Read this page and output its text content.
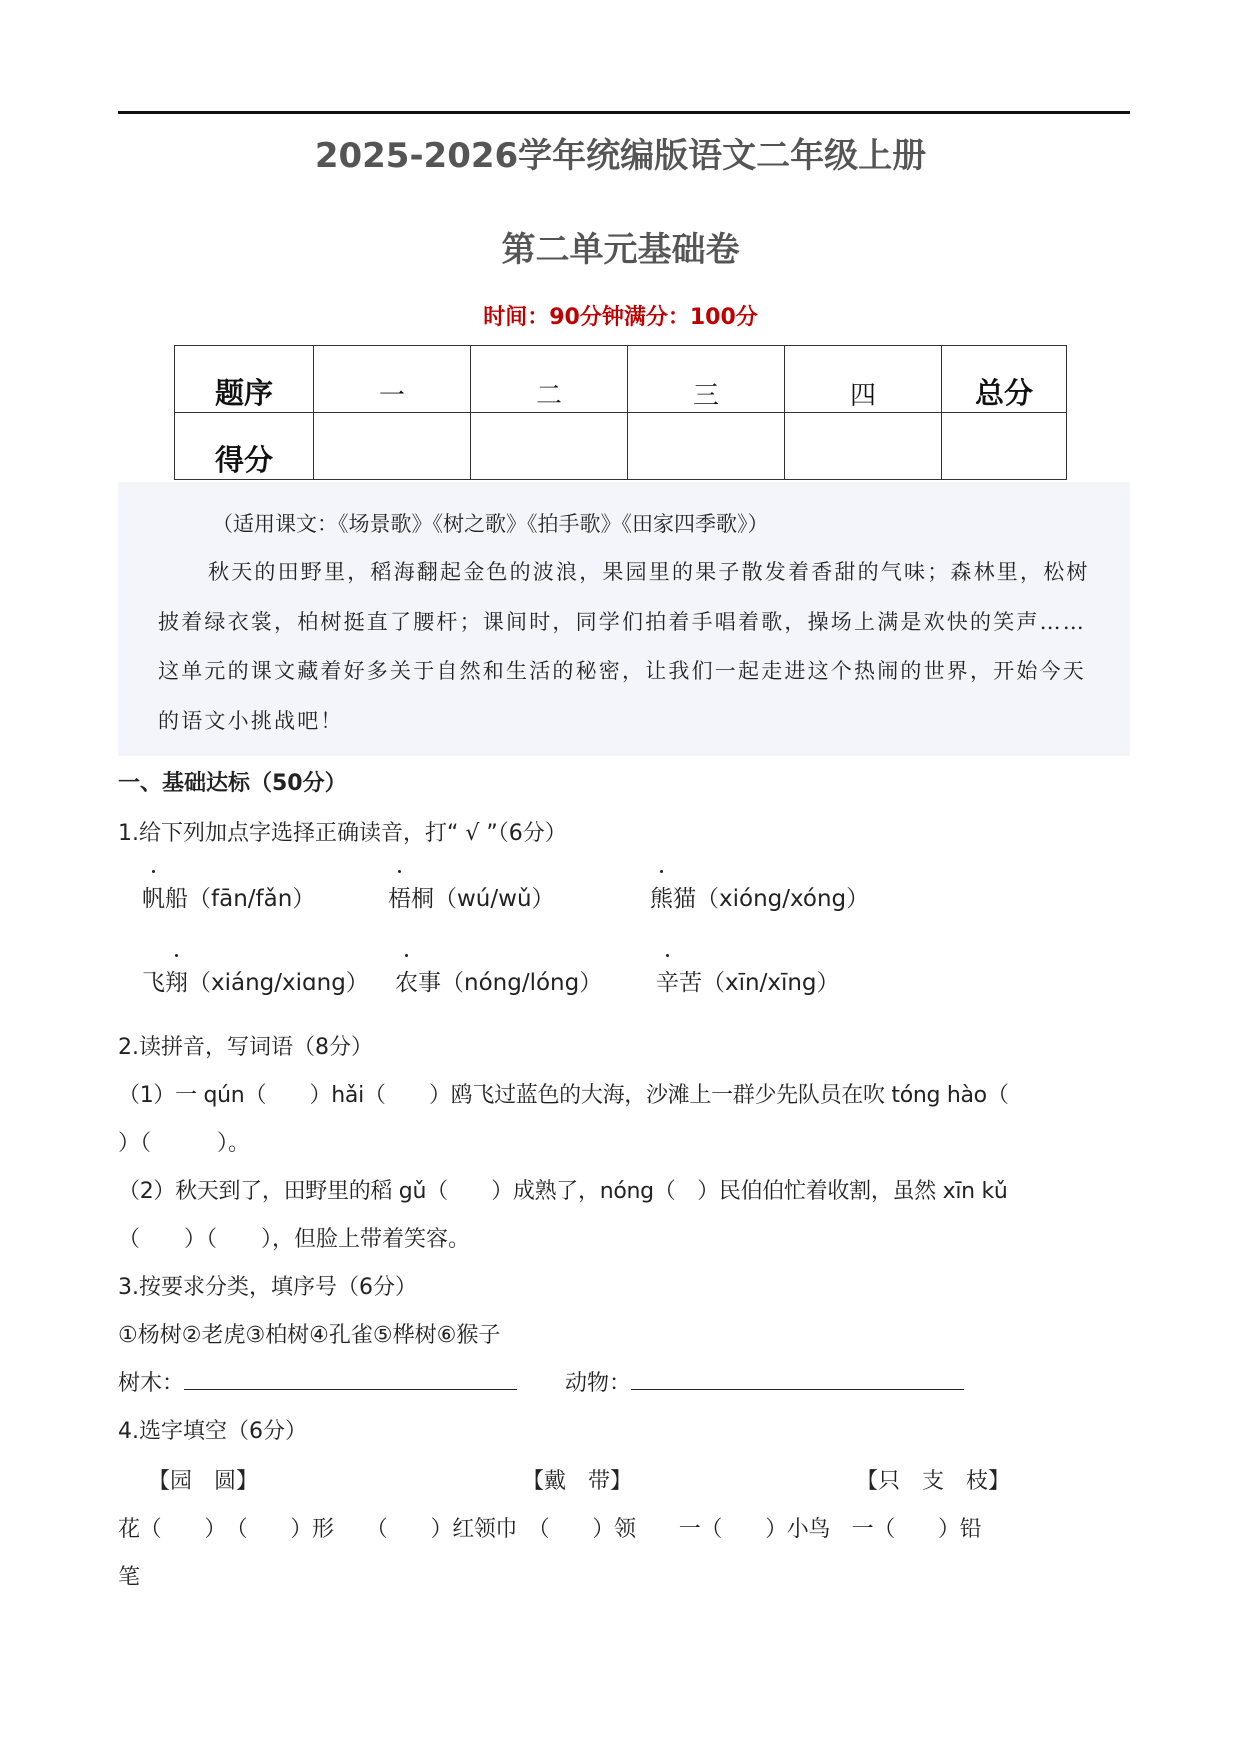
2025-2026学年统编版语文二年级上册
第二单元基础卷
时间：90分钟满分：100分
题序	一	二	三	四	总分
得分					

（适用课文：《场景歌》《树之歌》《拍手歌》《田家四季歌》）

秋天的田野里，稻海翻起金色的波浪，果园里的果子散发着香甜的气味；森林里，松树披着绿衣裳，柏树挺直了腰杆；课间时，同学们拍着手唱着歌，操场上满是欢快的笑声……这单元的课文藏着好多关于自然和生活的秘密，让我们一起走进这个热闹的世界，开始今天的语文小挑战吧！

一、基础达标（50分）
1.给下列加点字选择正确读音，打“ √ ”（6分）
帆船（fān/fǎn）	梧桐（wú/wǔ）	熊猫（xióng/xóng）
飞翔（xiáng/xiɑng） 农事（nóng/lóng） 辛苦（xīn/xīng）
2.读拼音，写词语（8分）
（1）一 qún（　　）hǎi（　　）鸥飞过蓝色的大海，沙滩上一群少先队员在吹 tóng hào（
）（　　　）。
（2）秋天到了，田野里的稻 gǔ（　　）成熟了，nóng（　）民伯伯忙着收割，虽然 xīn kǔ
（　　）（　　），但脸上带着笑容。
3.按要求分类，填序号（6分）
①杨树②老虎③柏树④孔雀⑤桦树⑥猴子
树木：	动物：
4.选字填空（6分）
【园　圆】	【戴　带】	【只　支　枝】
花（　　）　（　　）形　　（　　）红领巾　（　　）领　　一（　　）小鸟　一（　　）铅
笔
